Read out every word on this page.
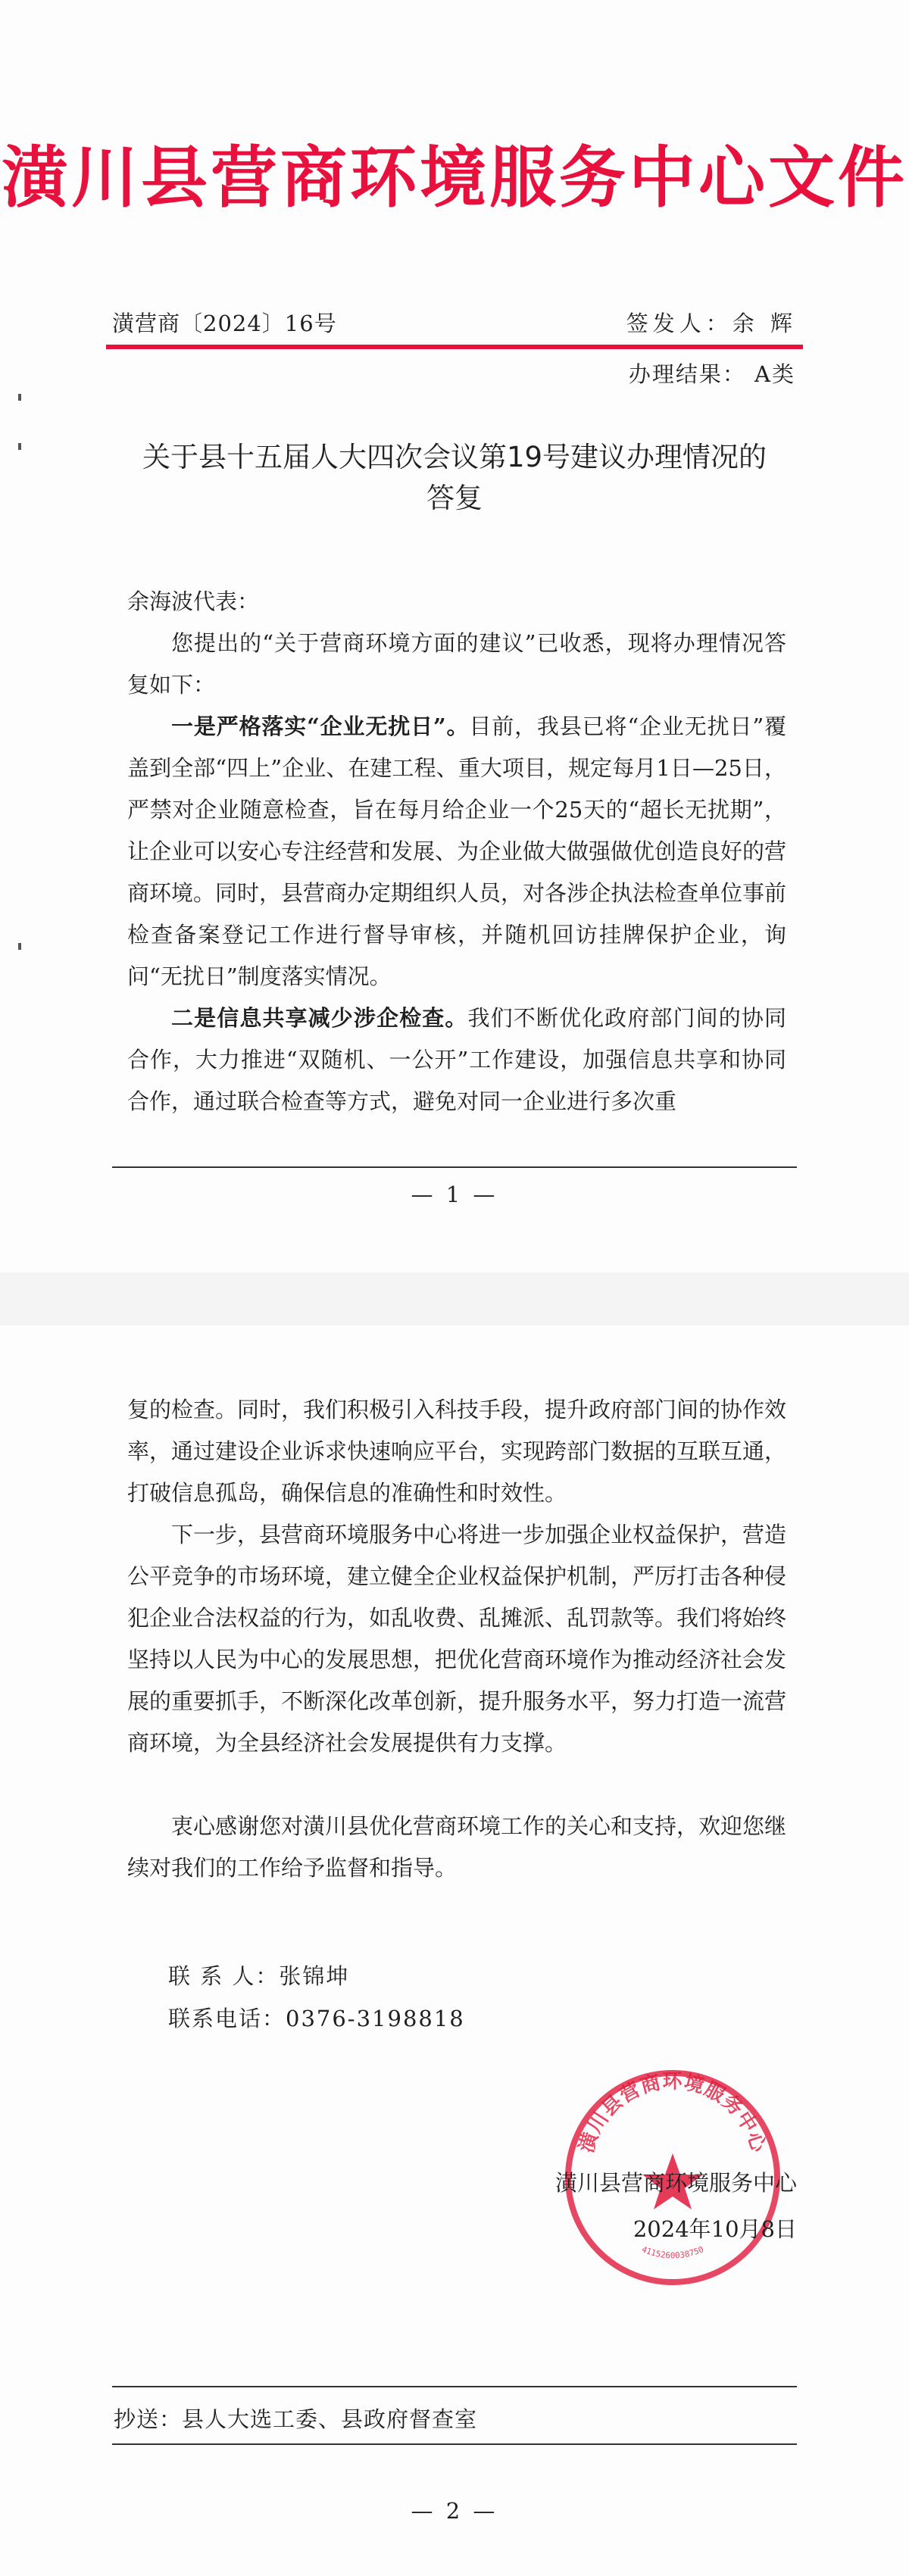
潢川县营商环境服务中心文件
潢营商〔2024〕16号	签发人：余 辉
办理结果： A类
关于县十五届人大四次会议第19号建议办理情况的
答复
余海波代表：
您提出的“关于营商环境方面的建议”已收悉，现将办理情况答复如下：
一是严格落实“企业无扰日”。目前，我县已将“企业无扰日”覆盖到全部“四上”企业、在建工程、重大项目，规定每月1日—25日，严禁对企业随意检查，旨在每月给企业一个25天的“超长无扰期”，让企业可以安心专注经营和发展、为企业做大做强做优创造良好的营商环境。同时，县营商办定期组织人员，对各涉企执法检查单位事前检查备案登记工作进行督导审核，并随机回访挂牌保护企业，询问“无扰日”制度落实情况。
二是信息共享减少涉企检查。我们不断优化政府部门间的协同合作，大力推进“双随机、一公开”工作建设，加强信息共享和协同合作，通过联合检查等方式，避免对同一企业进行多次重
— 1 —
复的检查。同时，我们积极引入科技手段，提升政府部门间的协作效率，通过建设企业诉求快速响应平台，实现跨部门数据的互联互通，打破信息孤岛，确保信息的准确性和时效性。
下一步，县营商环境服务中心将进一步加强企业权益保护，营造公平竞争的市场环境，建立健全企业权益保护机制，严厉打击各种侵犯企业合法权益的行为，如乱收费、乱摊派、乱罚款等。我们将始终坚持以人民为中心的发展思想，把优化营商环境作为推动经济社会发展的重要抓手，不断深化改革创新，提升服务水平，努力打造一流营商环境，为全县经济社会发展提供有力支撑。
衷心感谢您对潢川县优化营商环境工作的关心和支持，欢迎您继续对我们的工作给予监督和指导。
联 系 人：张锦坤
联系电话：0376-3198818
潢川县营商环境服务中心
4115260038750
潢川县营商环境服务中心
2024年10月8日
抄送：县人大选工委、县政府督查室
— 2 —
